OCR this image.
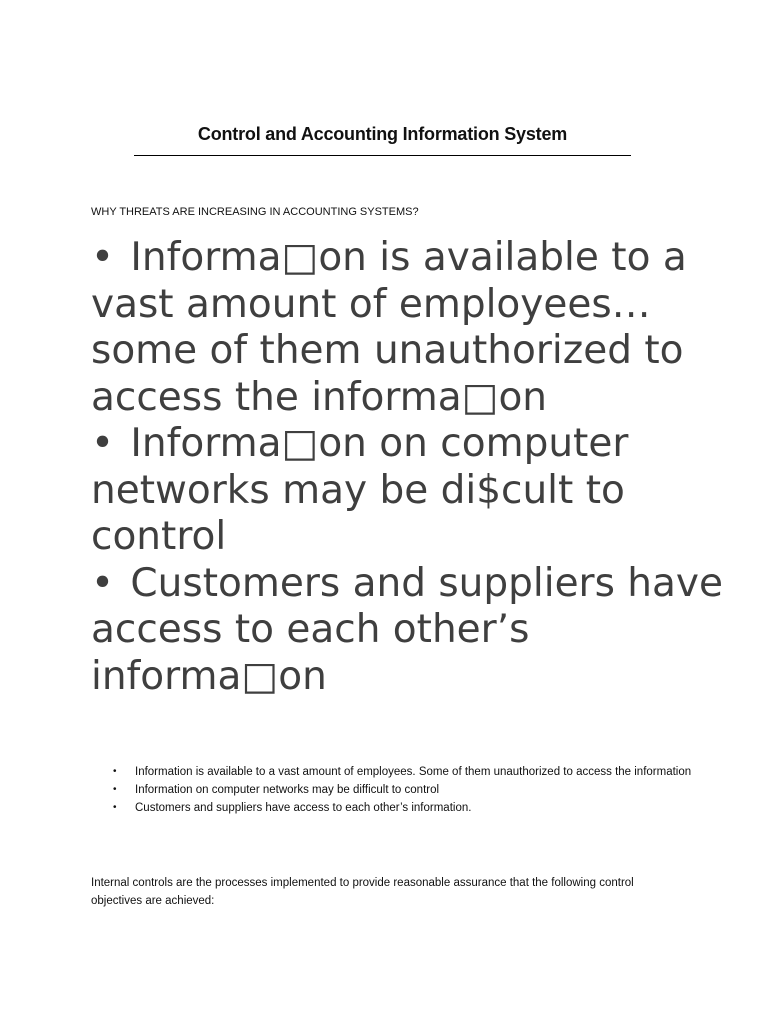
Control and Accounting Information System
WHY THREATS ARE INCREASING IN ACCOUNTING SYSTEMS?
• Informa□on is available to a vast amount of employees… some of them unauthorized to access the informa□on
• Informa□on on computer networks may be di$cult to control
• Customers and suppliers have access to each other’s informa□on
• Information is available to a vast amount of employees. Some of them unauthorized to access the information
• Information on computer networks may be difficult to control
• Customers and suppliers have access to each other’s information.

Internal controls are the processes implemented to provide reasonable assurance that the following control objectives are achieved:
